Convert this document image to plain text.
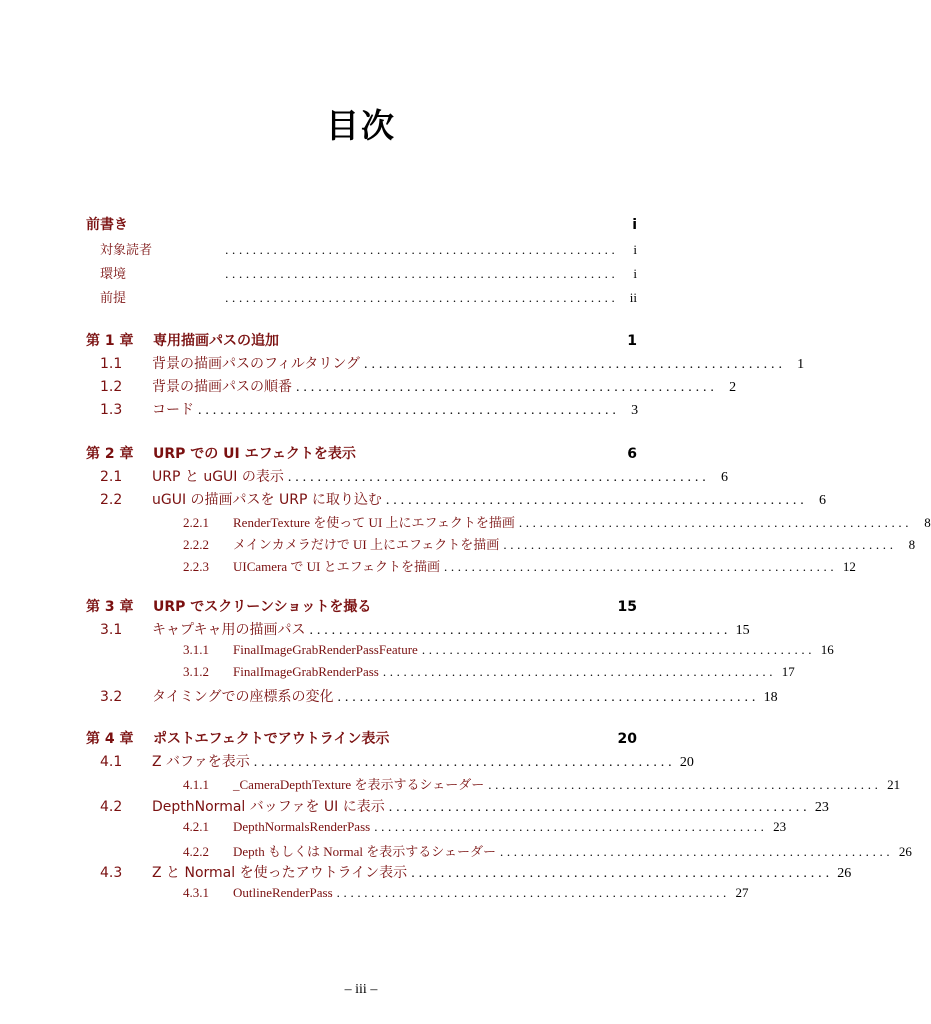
目次
前書き	i
対象読者	. . . . . . . . . . . . . . . . . . . . . . . . . . . . . . . . . . . . . . . . . . . . . . . . . . . . . . . . .	i
環境	. . . . . . . . . . . . . . . . . . . . . . . . . . . . . . . . . . . . . . . . . . . . . . . . . . . . . . . . .	i
前提	. . . . . . . . . . . . . . . . . . . . . . . . . . . . . . . . . . . . . . . . . . . . . . . . . . . . . . . . .	ii
第 1 章	専用描画パスの追加	1
1.1	背景の描画パスのフィルタリング . . . . . . . . . . . . . . . . . . . . . . . . . . . . . . . . . . . . . . . . . . . . . . . . . . . . . . . . .	1
1.2	背景の描画パスの順番 . . . . . . . . . . . . . . . . . . . . . . . . . . . . . . . . . . . . . . . . . . . . . . . . . . . . . . . . .	2
1.3	コード . . . . . . . . . . . . . . . . . . . . . . . . . . . . . . . . . . . . . . . . . . . . . . . . . . . . . . . . .	3
第 2 章	URP での UI エフェクトを表示	6
2.1	URP と uGUI の表示 . . . . . . . . . . . . . . . . . . . . . . . . . . . . . . . . . . . . . . . . . . . . . . . . . . . . . . . . .	6
2.2	uGUI の描画パスを URP に取り込む . . . . . . . . . . . . . . . . . . . . . . . . . . . . . . . . . . . . . . . . . . . . . . . . . . . . . . . . .	6
2.2.1	RenderTexture を使って UI 上にエフェクトを描画 . . . . . . . . . . . . . . . . . . . . . . . . . . . . . . . . . . . . . . . . . . . . . . . . . . . . . . . . .	8
2.2.2	メインカメラだけで UI 上にエフェクトを描画 . . . . . . . . . . . . . . . . . . . . . . . . . . . . . . . . . . . . . . . . . . . . . . . . . . . . . . . . .	8
2.2.3	UICamera で UI とエフェクトを描画 . . . . . . . . . . . . . . . . . . . . . . . . . . . . . . . . . . . . . . . . . . . . . . . . . . . . . . . . . 12
第 3 章	URP でスクリーンショットを撮る	15
3.1	キャプキャ用の描画パス . . . . . . . . . . . . . . . . . . . . . . . . . . . . . . . . . . . . . . . . . . . . . . . . . . . . . . . . . 15
3.1.1	FinalImageGrabRenderPassFeature . . . . . . . . . . . . . . . . . . . . . . . . . . . . . . . . . . . . . . . . . . . . . . . . . . . . . . . . . 16
3.1.2	FinalImageGrabRenderPass . . . . . . . . . . . . . . . . . . . . . . . . . . . . . . . . . . . . . . . . . . . . . . . . . . . . . . . . . 17
3.2	タイミングでの座標系の変化 . . . . . . . . . . . . . . . . . . . . . . . . . . . . . . . . . . . . . . . . . . . . . . . . . . . . . . . . . 18
第 4 章	ポストエフェクトでアウトライン表示	20
4.1	Z バファを表示 . . . . . . . . . . . . . . . . . . . . . . . . . . . . . . . . . . . . . . . . . . . . . . . . . . . . . . . . . 20
4.1.1	_CameraDepthTexture を表示するシェーダー . . . . . . . . . . . . . . . . . . . . . . . . . . . . . . . . . . . . . . . . . . . . . . . . . . . . . . . . . 21
4.2	DepthNormal バッファを UI に表示 . . . . . . . . . . . . . . . . . . . . . . . . . . . . . . . . . . . . . . . . . . . . . . . . . . . . . . . . . 23
4.2.1	DepthNormalsRenderPass . . . . . . . . . . . . . . . . . . . . . . . . . . . . . . . . . . . . . . . . . . . . . . . . . . . . . . . . . 23
4.2.2	Depth もしくは Normal を表示するシェーダー . . . . . . . . . . . . . . . . . . . . . . . . . . . . . . . . . . . . . . . . . . . . . . . . . . . . . . . . . 26
4.3	Z と Normal を使ったアウトライン表示 . . . . . . . . . . . . . . . . . . . . . . . . . . . . . . . . . . . . . . . . . . . . . . . . . . . . . . . . . 26
4.3.1	OutlineRenderPass . . . . . . . . . . . . . . . . . . . . . . . . . . . . . . . . . . . . . . . . . . . . . . . . . . . . . . . . . 27
– iii –
